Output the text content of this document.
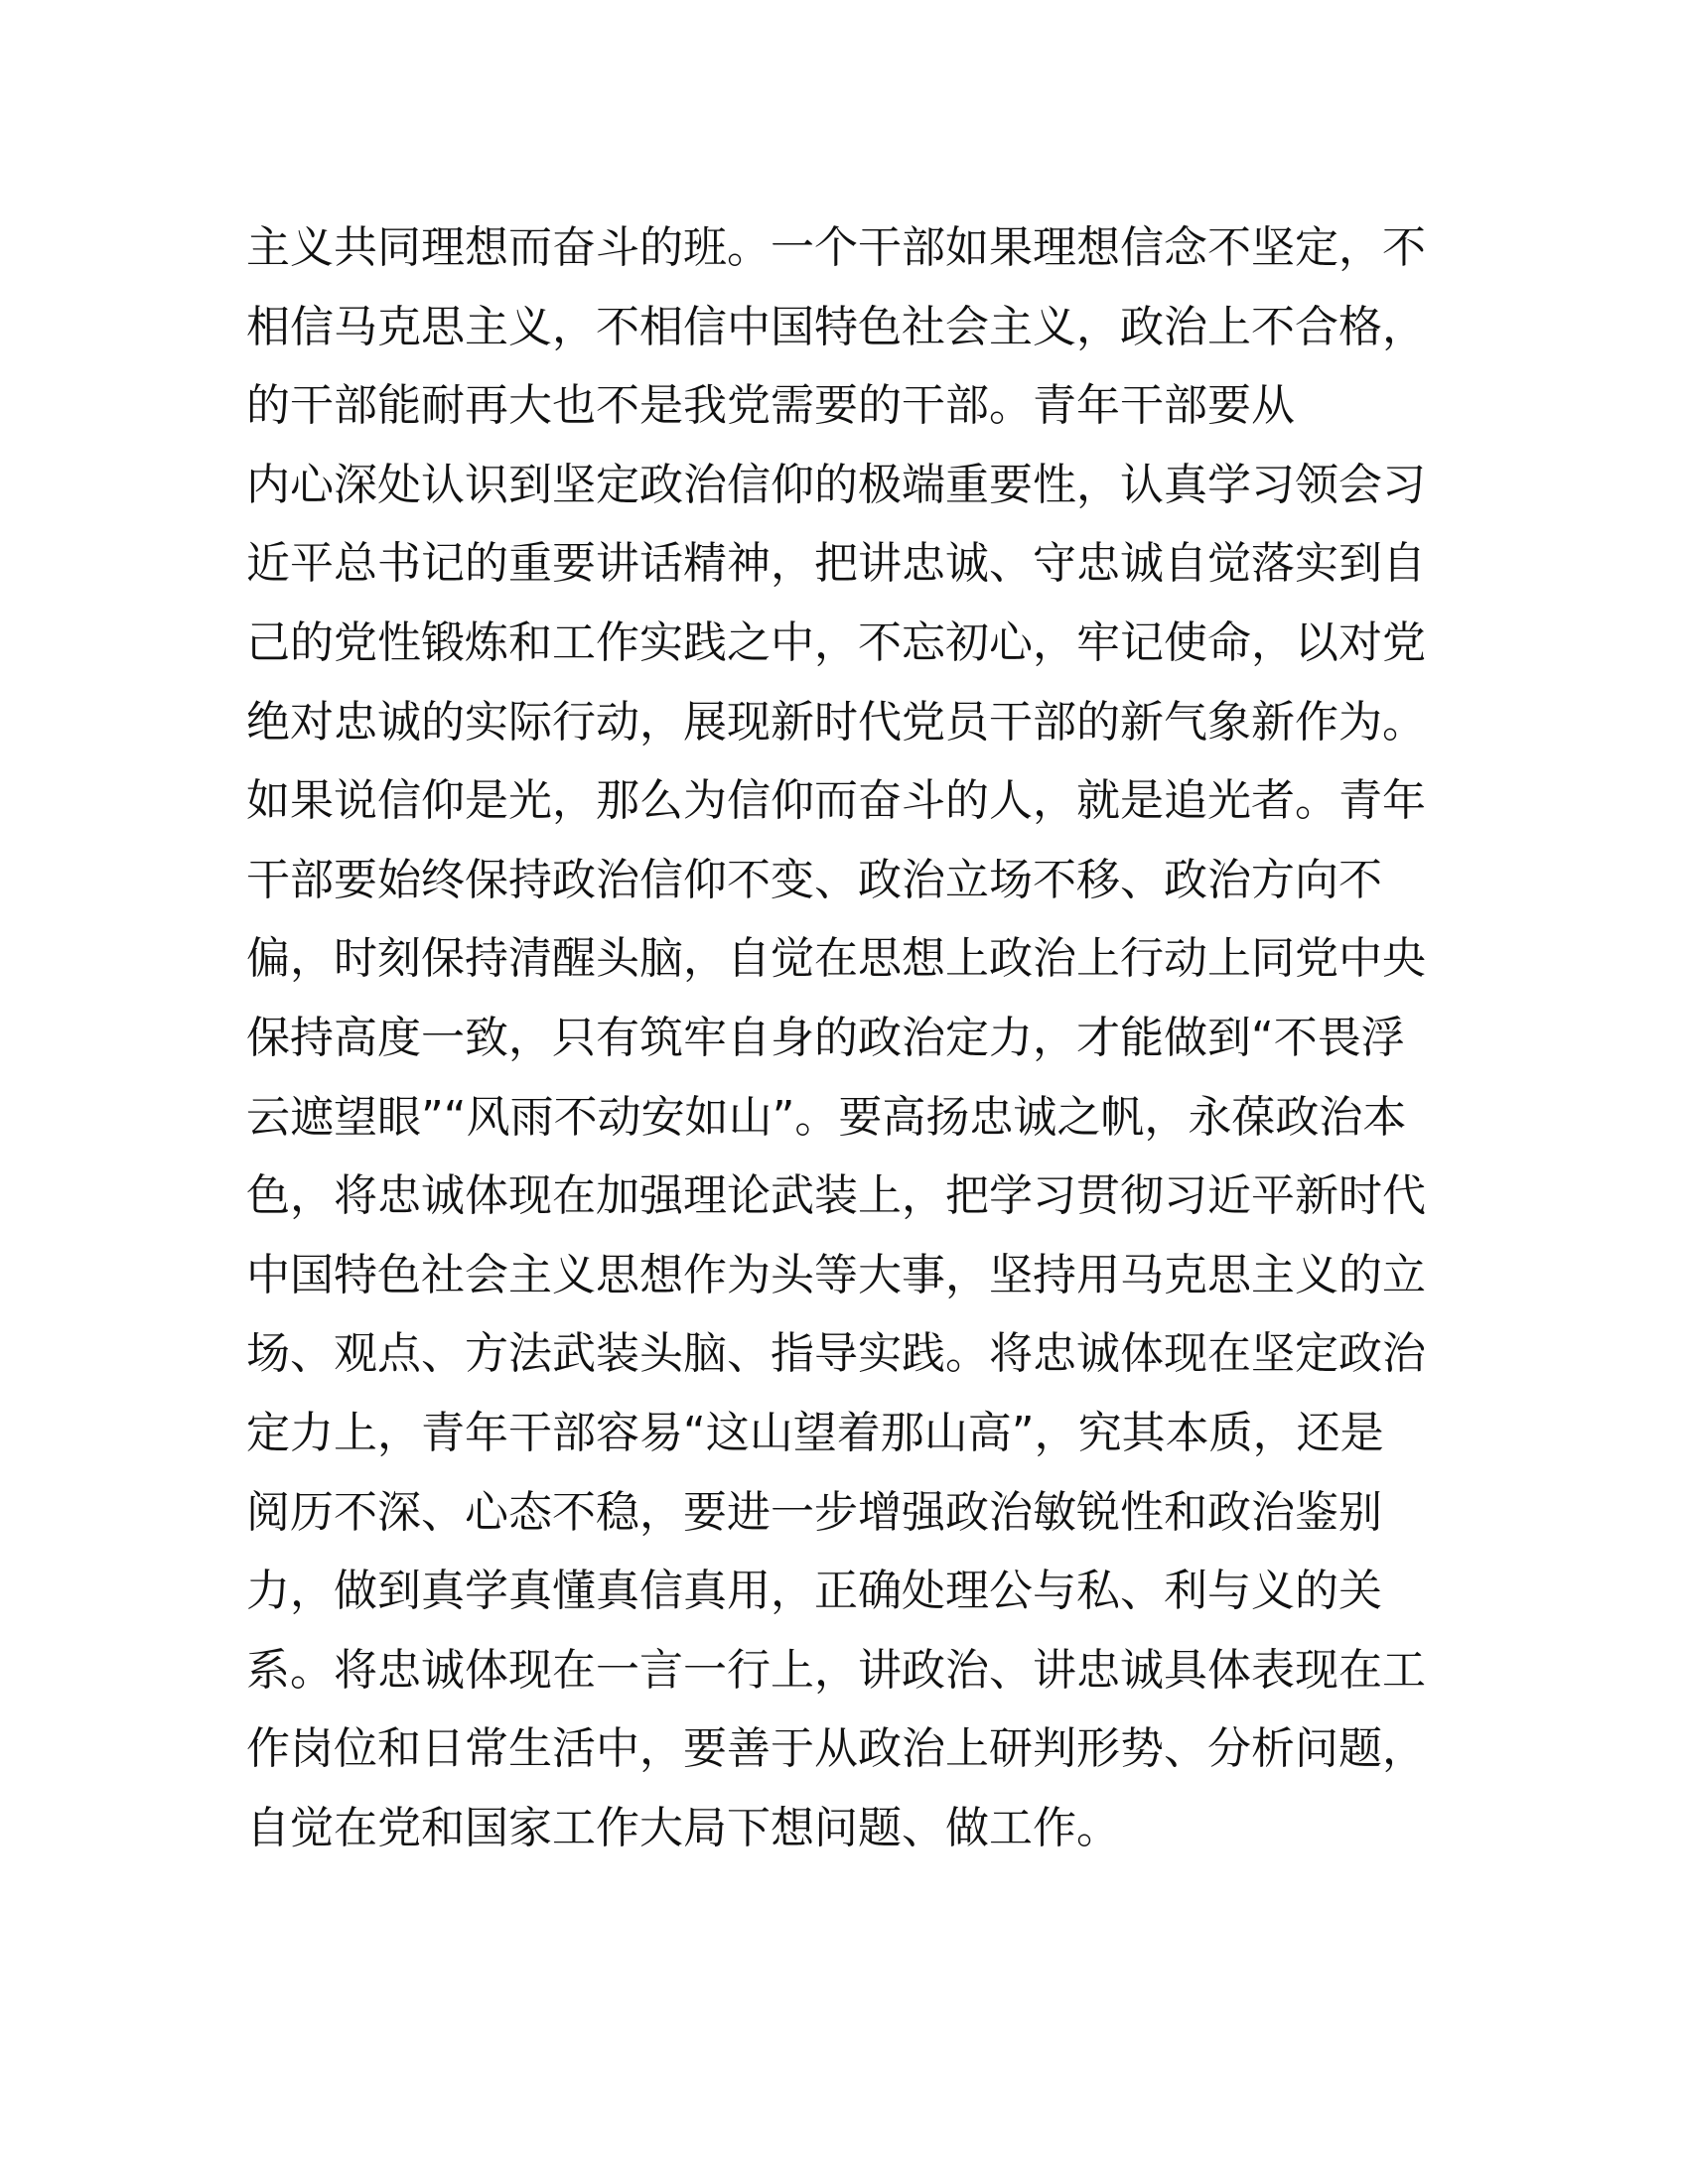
主义共同理想而奋斗的班。一个干部如果理想信念不坚定，不
相信马克思主义，不相信中国特色社会主义，政治上不合格，
的干部能耐再大也不是我党需要的干部。青年干部要从
内心深处认识到坚定政治信仰的极端重要性，认真学习领会习
近平总书记的重要讲话精神，把讲忠诚、守忠诚自觉落实到自
己的党性锻炼和工作实践之中，不忘初心，牢记使命，以对党
绝对忠诚的实际行动，展现新时代党员干部的新气象新作为。
如果说信仰是光，那么为信仰而奋斗的人，就是追光者。青年
干部要始终保持政治信仰不变、政治立场不移、政治方向不
偏，时刻保持清醒头脑，自觉在思想上政治上行动上同党中央
保持高度一致，只有筑牢自身的政治定力，才能做到“不畏浮
云遮望眼”“风雨不动安如山”。要高扬忠诚之帆，永葆政治本
色，将忠诚体现在加强理论武装上，把学习贯彻习近平新时代
中国特色社会主义思想作为头等大事，坚持用马克思主义的立
场、观点、方法武装头脑、指导实践。将忠诚体现在坚定政治
定力上，青年干部容易“这山望着那山高”，究其本质，还是
阅历不深、心态不稳，要进一步增强政治敏锐性和政治鉴别
力，做到真学真懂真信真用，正确处理公与私、利与义的关
系。将忠诚体现在一言一行上，讲政治、讲忠诚具体表现在工
作岗位和日常生活中，要善于从政治上研判形势、分析问题，
自觉在党和国家工作大局下想问题、做工作。
